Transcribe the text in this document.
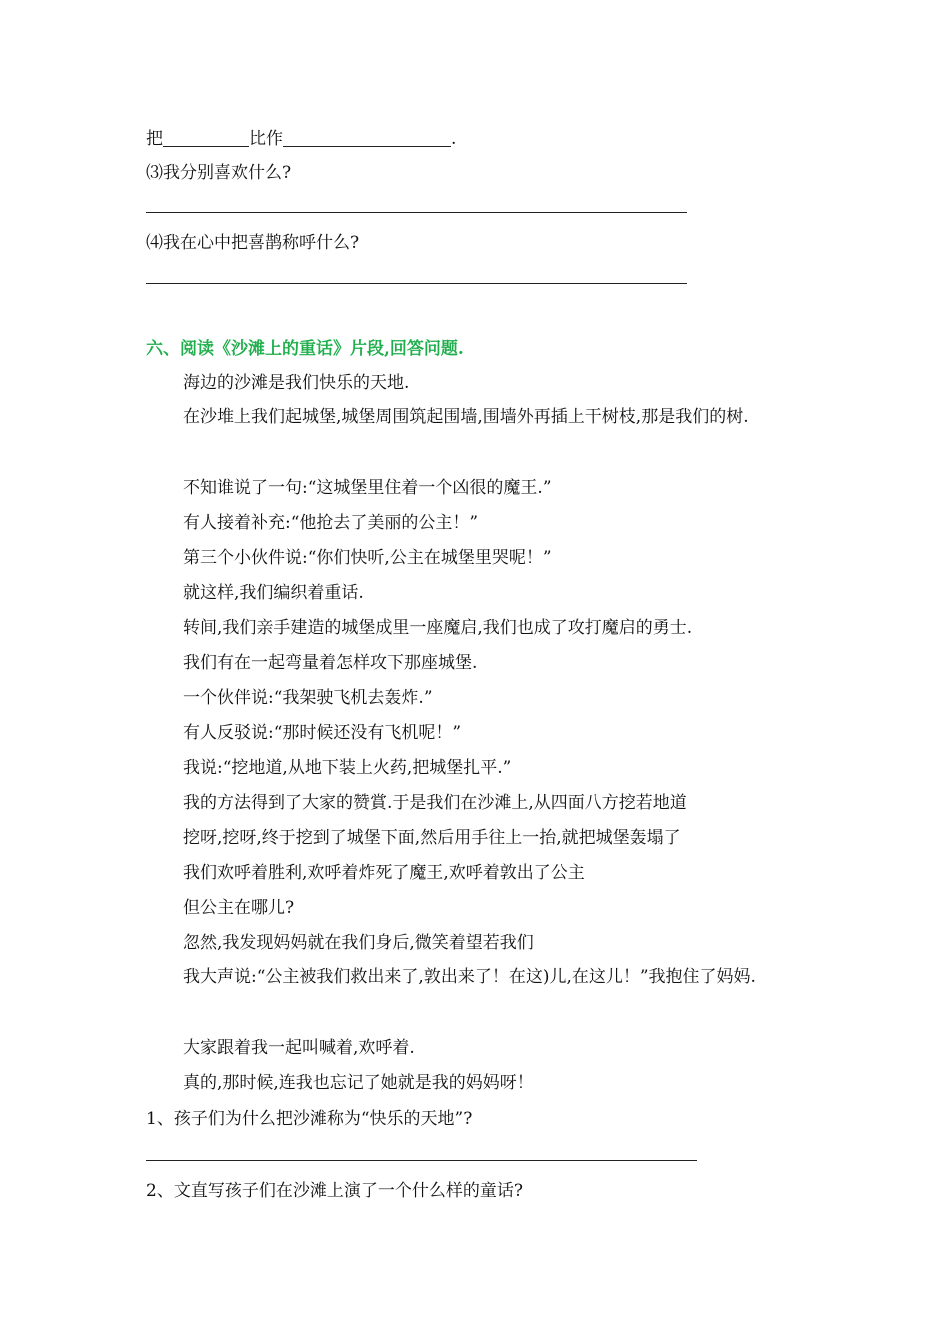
把	比作	.
⑶我分别喜欢什么?
⑷我在心中把喜鹊称呼什么?
六、阅读《沙滩上的重话》片段,回答问题.
海边的沙滩是我们快乐的天地.
在沙堆上我们起城堡,城堡周围筑起围墙,围墙外再插上干树枝,那是我们的树.
不知谁说了一句:“这城堡里住着一个凶很的魔王.”
有人接着补充:“他抢去了美丽的公主！”
第三个小伙件说:“你们快听,公主在城堡里哭呢！”
就这样,我们编织着重话.
转间,我们亲手建造的城堡成里一座魔启,我们也成了攻打魔启的勇士.
我们有在一起弯量着怎样攻下那座城堡.
一个伙伴说:“我架驶飞机去轰炸.”
有人反驳说:“那时候还没有飞机呢！”
我说:“挖地道,从地下装上火药,把城堡扎平.”
我的方法得到了大家的赞賞.于是我们在沙滩上,从四面八方挖若地道
挖呀,挖呀,终于挖到了城堡下面,然后用手往上一抬,就把城堡轰塌了
我们欢呼着胜利,欢呼着炸死了魔王,欢呼着敦出了公主
但公主在哪儿?
忽然,我发现妈妈就在我们身后,微笑着望若我们
我大声说:“公主被我们救出来了,敦出来了！在这)儿,在这儿！”我抱住了妈妈.
大家跟着我一起叫喊着,欢呼着.
真的,那时候,连我也忘记了她就是我的妈妈呀！
1、孩子们为什么把沙滩称为“快乐的天地”?
2、文直写孩子们在沙滩上演了一个什么样的童话?
